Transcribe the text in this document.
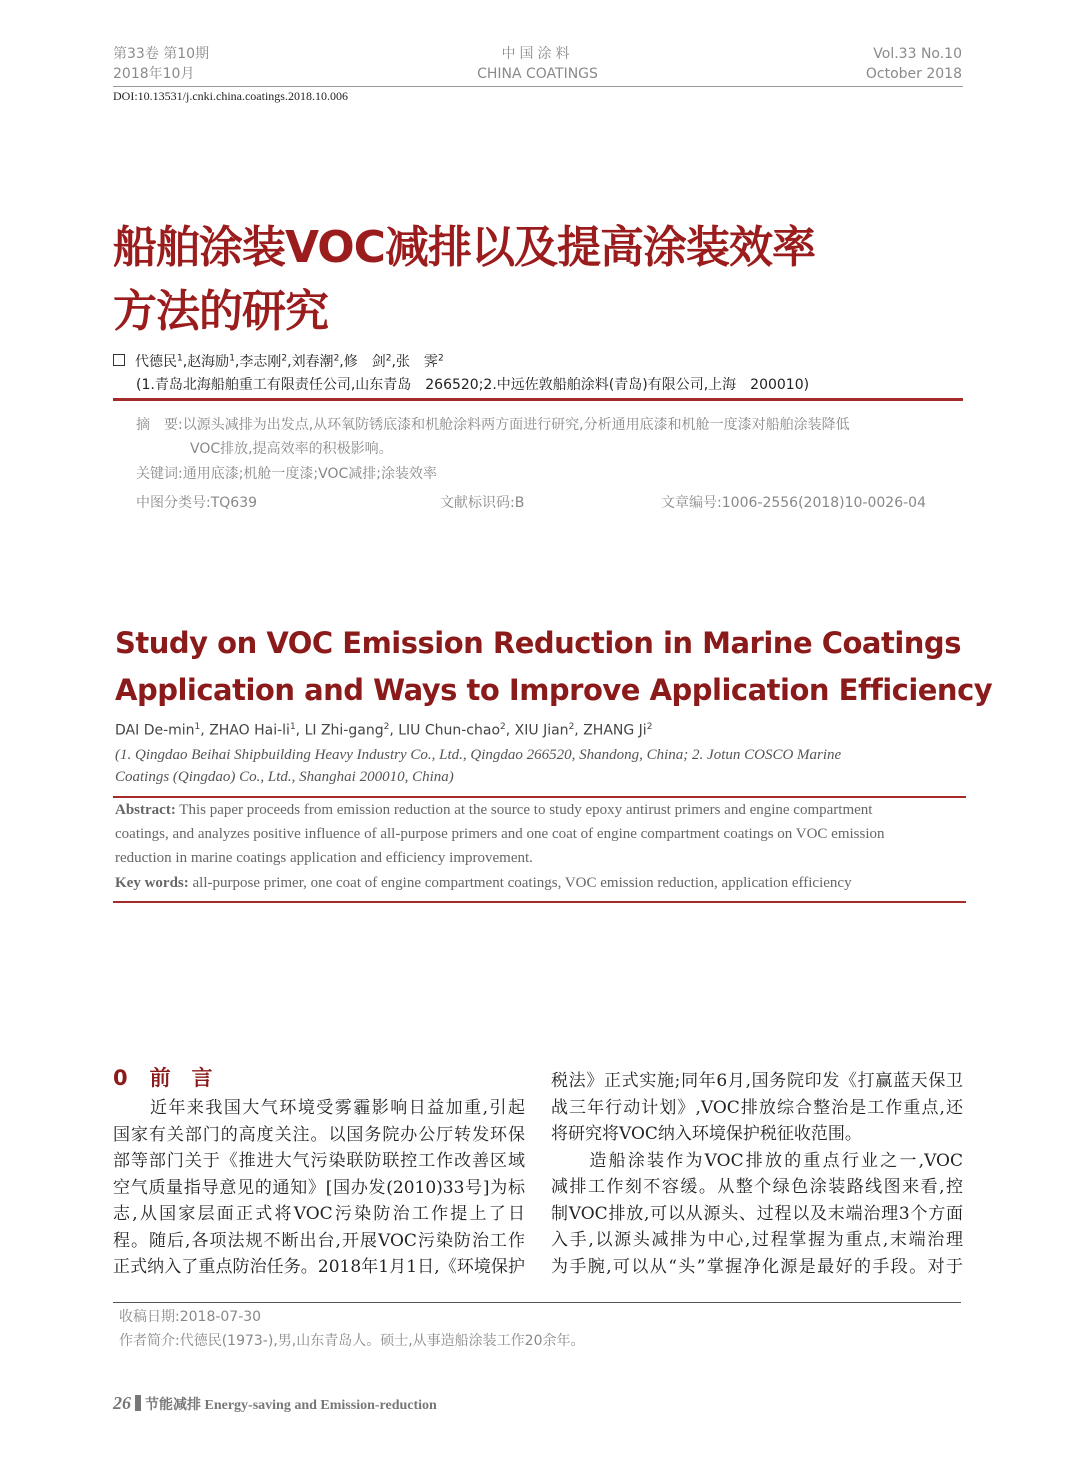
第33卷 第10期
2018年10月
中国涂料
CHINA COATINGS
Vol.33 No.10
October 2018
DOI:10.13531/j.cnki.china.coatings.2018.10.006
船舶涂装VOC减排以及提高涂装效率
方法的研究
代德民$^1$,赵海励$^1$,李志刚$^2$,刘春潮$^2$,修　剑$^2$,张　霁$^2$
(1.青岛北海船舶重工有限责任公司,山东青岛　266520;2.中远佐敦船舶涂料(青岛)有限公司,上海　200010)
摘　要:以源头减排为出发点,从环氧防锈底漆和机舱涂料两方面进行研究,分析通用底漆和机舱一度漆对船舶涂装降低
VOC排放,提高效率的积极影响。
关键词:通用底漆;机舱一度漆;VOC减排;涂装效率
中图分类号:TQ639	文献标识码:B	文章编号:1006-2556(2018)10-0026-04
Study on VOC Emission Reduction in Marine Coatings
Application and Ways to Improve Application Efficiency
DAI $De-\min^1$, ZHAO Hai-$li^1$, LI Zhi-gang$^2$, LIU Chun-chao$^2$, XIU Jian$^2$, ZHANG Ji$^2$
(1. Qingdao Beihai Shipbuilding Heavy Industry Co., Ltd., Qingdao 266520, Shandong, China; 2. Jotun COSCO Marine
Coatings (Qingdao) Co., Ltd., Shanghai 200010, China)
Abstract: This paper proceeds from emission reduction at the source to study epoxy antirust primers and engine compartment
coatings, and analyzes positive influence of all-purpose primers and one coat of engine compartment coatings on VOC emission
reduction in marine coatings application and efficiency improvement.
Key words: all-purpose primer, one coat of engine compartment coatings, VOC emission reduction, application efficiency
0 前　言
　　近年来我国大气环境受雾霾影响日益加重,引起
国家有关部门的高度关注。以国务院办公厅转发环保
部等部门关于《推进大气污染联防联控工作改善区域
空气质量指导意见的通知》[国办发(2010)33号]为标
志,从国家层面正式将VOC污染防治工作提上了日
程。随后,各项法规不断出台,开展VOC污染防治工作
正式纳入了重点防治任务。2018年1月1日,《环境保护
税法》正式实施;同年6月,国务院印发《打赢蓝天保卫
战三年行动计划》,VOC排放综合整治是工作重点,还
将研究将VOC纳入环境保护税征收范围。
　　造船涂装作为VOC排放的重点行业之一,VOC
减排工作刻不容缓。从整个绿色涂装路线图来看,控
制VOC排放,可以从源头、过程以及末端治理3个方面
入手,以源头减排为中心,过程掌握为重点,末端治理
为手腕,可以从“头”掌握净化源是最好的手段。对于
收稿日期:2018-07-30
作者简介:代德民(1973-),男,山东青岛人。硕士,从事造船涂装工作20余年。
26 节能减排 Energy-saving and Emission-reduction
